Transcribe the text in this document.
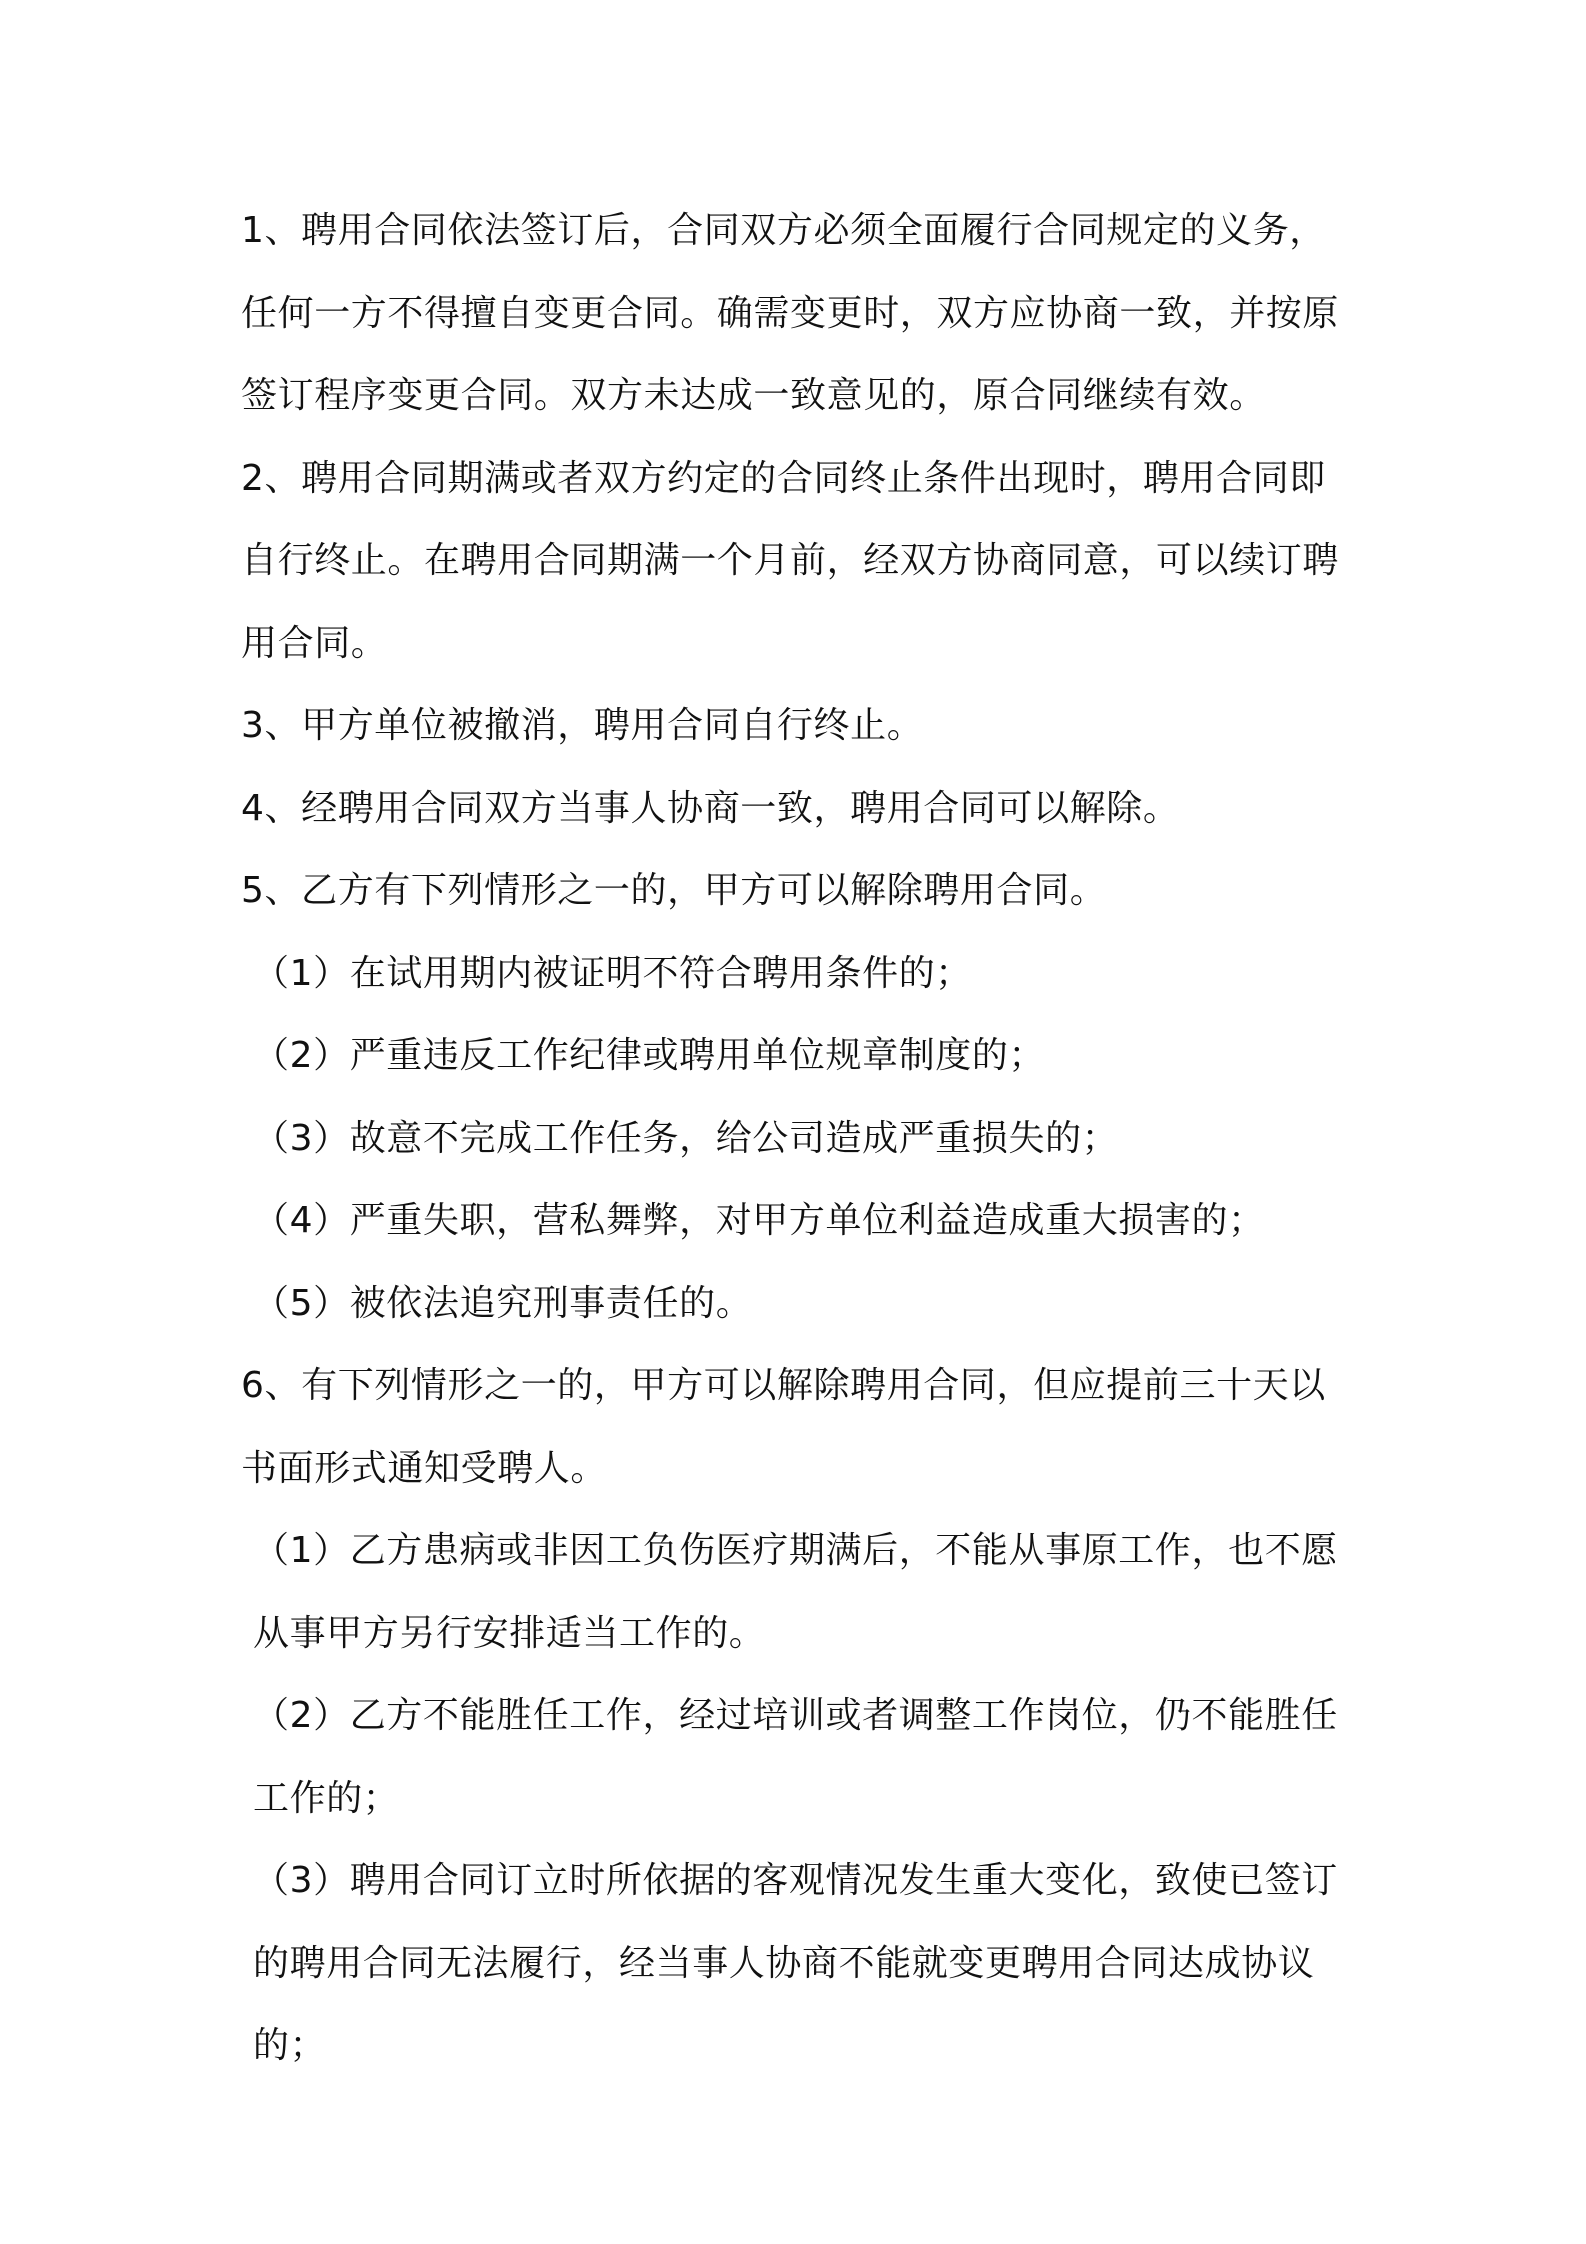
1、聘用合同依法签订后，合同双方必须全面履行合同规定的义务，任何一方不得擅自变更合同。确需变更时，双方应协商一致，并按原签订程序变更合同。双方未达成一致意见的，原合同继续有效。

2、聘用合同期满或者双方约定的合同终止条件出现时，聘用合同即自行终止。在聘用合同期满一个月前，经双方协商同意，可以续订聘用合同。

3、甲方单位被撤消，聘用合同自行终止。

4、经聘用合同双方当事人协商一致，聘用合同可以解除。

5、乙方有下列情形之一的，甲方可以解除聘用合同。

（1）在试用期内被证明不符合聘用条件的；

（2）严重违反工作纪律或聘用单位规章制度的；

（3）故意不完成工作任务，给公司造成严重损失的；

（4）严重失职，营私舞弊，对甲方单位利益造成重大损害的；

（5）被依法追究刑事责任的。

6、有下列情形之一的，甲方可以解除聘用合同，但应提前三十天以书面形式通知受聘人。

（1）乙方患病或非因工负伤医疗期满后，不能从事原工作，也不愿从事甲方另行安排适当工作的。

（2）乙方不能胜任工作，经过培训或者调整工作岗位，仍不能胜任工作的；

（3）聘用合同订立时所依据的客观情况发生重大变化，致使已签订的聘用合同无法履行，经当事人协商不能就变更聘用合同达成协议的；
